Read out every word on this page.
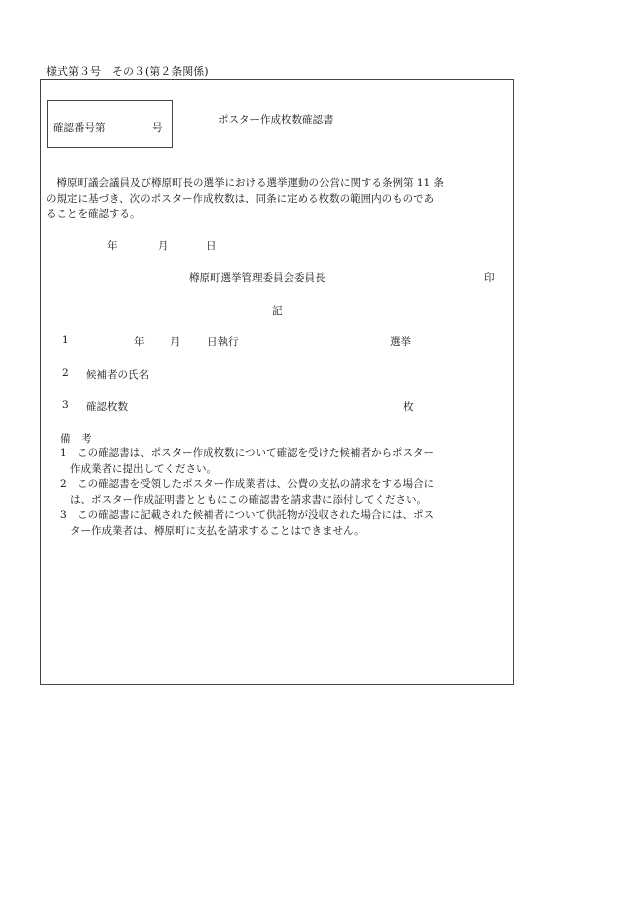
様式第３号　その３(第２条関係)
確認番号第	号
ポスター作成枚数確認書
　樽原町議会議員及び樽原町長の選挙における選挙運動の公営に関する条例第 11 条
の規定に基づき、次のポスター作成枚数は、同条に定める枚数の範囲内のものであ
ることを確認する。
年	月	日
樽原町選挙管理委員会委員長	印
記
1	年 月	日執行	選挙
2 候補者の氏名
3 確認枚数	枚
備　考
1　この確認書は、ポスター作成枚数について確認を受けた候補者からポスター
作成業者に提出してください。
2　この確認書を受領したポスター作成業者は、公費の支払の請求をする場合に
は、ポスター作成証明書とともにこの確認書を請求書に添付してください。
3　この確認書に記載された候補者について供託物が没収された場合には、ポス
ター作成業者は、樽原町に支払を請求することはできません。
